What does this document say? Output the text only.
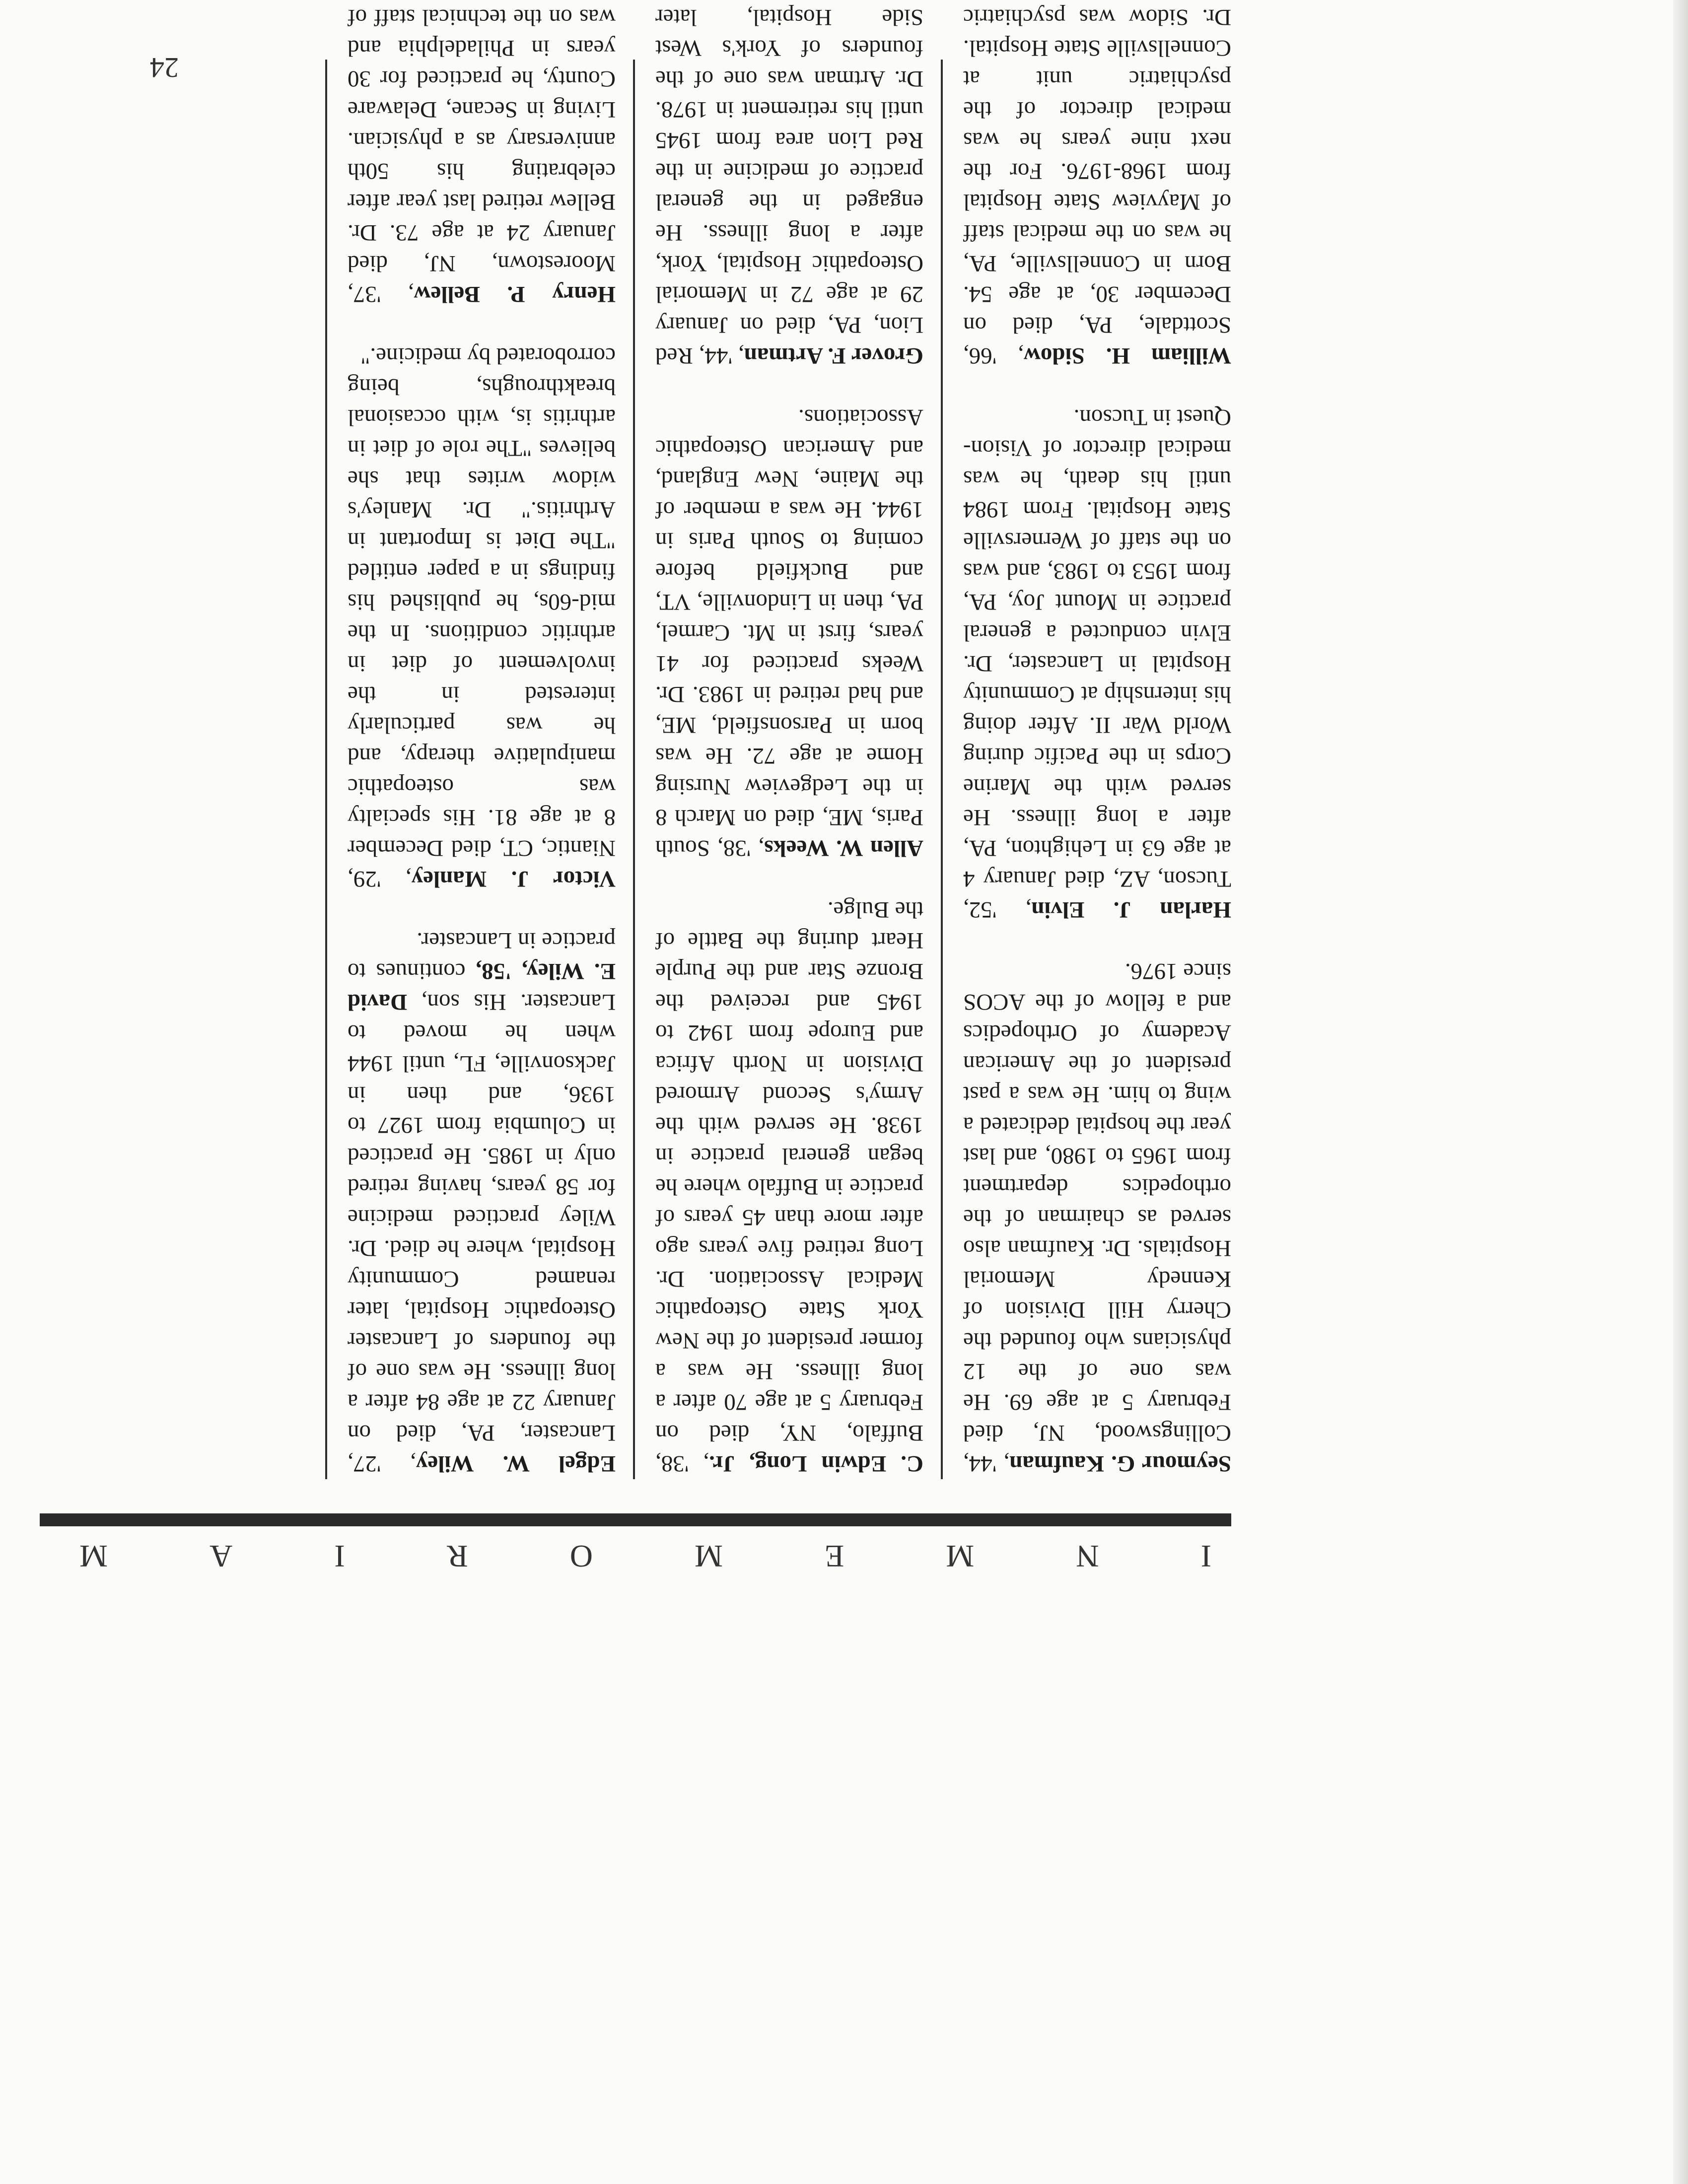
I
N
M
E
M
O
R
I
A
M

Seymour G. Kaufman, '44, Collingswood, NJ, died February 5 at age 69. He was one of the 12 physicians who founded the Cherry Hill Division of Kennedy Memorial Hospitals. Dr. Kaufman also served as chairman of the orthopedics department from 1965 to 1980, and last year the hospital dedicated a wing to him. He was a past president of the American Academy of Orthopedics and a fellow of the ACOS since 1976.

Harlan J. Elvin, '52, Tucson, AZ, died January 4 at age 63 in Lehighton, PA, after a long illness. He served with the Marine Corps in the Pacific during World War II. After doing his internship at Community Hospital in Lancaster, Dr. Elvin conducted a general practice in Mount Joy, PA, from 1953 to 1983, and was on the staff of Wernersville State Hospital. From 1984 until his death, he was medical director of Vision-Quest in Tucson.

William H. Sidow, '66, Scottdale, PA, died on December 30, at age 54. Born in Connellsville, PA, he was on the medical staff of Mayview State Hospital from 1968-1976. For the next nine years he was medical director of the psychiatric unit at Connellsville State Hospital. Dr. Sidow was psychiatric

C. Edwin Long, Jr., '38, Buffalo, NY, died on February 5 at age 70 after a long illness. He was a former president of the New York State Osteopathic Medical Association. Dr. Long retired five years ago after more than 45 years of practice in Buffalo where he began general practice in 1938. He served with the Army's Second Armored Division in North Africa and Europe from 1942 to 1945 and received the Bronze Star and the Purple Heart during the Battle of the Bulge.

Allen W. Weeks, '38, South Paris, ME, died on March 8 in the Ledgeview Nursing Home at age 72. He was born in Parsonsfield, ME, and had retired in 1983. Dr. Weeks practiced for 41 years, first in Mt. Carmel, PA, then in Lindonville, VT, and Buckfield before coming to South Paris in 1944. He was a member of the Maine, New England, and American Osteopathic Associations.

Grover F. Artman, '44, Red Lion, PA, died on January 29 at age 72 in Memorial Osteopathic Hospital, York, after a long illness. He engaged in the general practice of medicine in the Red Lion area from 1945 until his retirement in 1978. Dr. Artman was one of the founders of York's West Side Hospital, later

Edgel W. Wiley, '27, Lancaster, PA, died on January 22 at age 84 after a long illness. He was one of the founders of Lancaster Osteopathic Hospital, later renamed Community Hospital, where he died. Dr. Wiley practiced medicine for 58 years, having retired only in 1985. He practiced in Columbia from 1927 to 1936, and then in Jacksonville, FL, until 1944 when he moved to Lancaster. His son, David E. Wiley, '58, continues to practice in Lancaster.

Victor J. Manley, '29, Niantic, CT, died December 8 at age 81. His specialty was osteopathic manipulative therapy, and he was particularly interested in the involvement of diet in arthritic conditions. In the mid-60s, he published his findings in a paper entitled "The Diet is Important in Arthritis." Dr. Manley's widow writes that she believes "The role of diet in arthritis is, with occasional breakthroughs, being corroborated by medicine."

Henry P. Bellew, '37, Moorestown, NJ, died January 24 at age 73. Dr. Bellew retired last year after celebrating his 50th anniversary as a physician. Living in Secane, Delaware County, he practiced for 30 years in Philadelphia and was on the technical staff of

24
